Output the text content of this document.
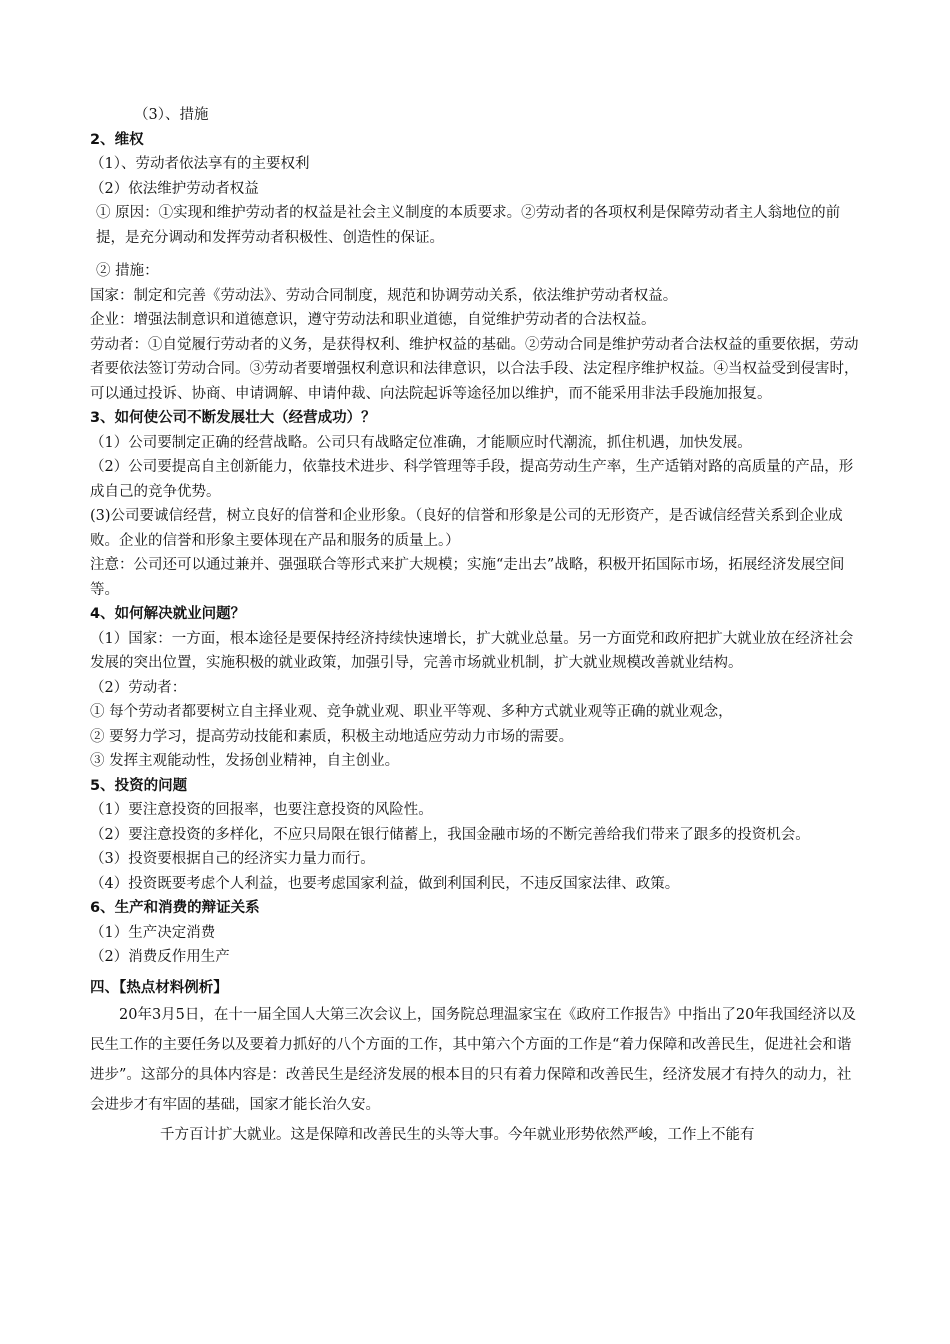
（3）、措施

2、维权

（1）、劳动者依法享有的主要权利

（2）依法维护劳动者权益

① 原因：①实现和维护劳动者的权益是社会主义制度的本质要求。②劳动者的各项权利是保障劳动者主人翁地位的前提，是充分调动和发挥劳动者积极性、创造性的保证。

② 措施：

国家：制定和完善《劳动法》、劳动合同制度，规范和协调劳动关系，依法维护劳动者权益。

企业：增强法制意识和道德意识，遵守劳动法和职业道德，自觉维护劳动者的合法权益。

劳动者：①自觉履行劳动者的义务，是获得权利、维护权益的基础。②劳动合同是维护劳动者合法权益的重要依据，劳动者要依法签订劳动合同。③劳动者要增强权利意识和法律意识，以合法手段、法定程序维护权益。④当权益受到侵害时，可以通过投诉、协商、申请调解、申请仲裁、向法院起诉等途径加以维护，而不能采用非法手段施加报复。

3、如何使公司不断发展壮大（经营成功）？

（1）公司要制定正确的经营战略。公司只有战略定位准确，才能顺应时代潮流，抓住机遇，加快发展。

（2）公司要提高自主创新能力，依靠技术进步、科学管理等手段，提高劳动生产率，生产适销对路的高质量的产品，形成自己的竞争优势。

(3)公司要诚信经营，树立良好的信誉和企业形象。（良好的信誉和形象是公司的无形资产，是否诚信经营关系到企业成败。企业的信誉和形象主要体现在产品和服务的质量上。）

注意：公司还可以通过兼并、强强联合等形式来扩大规模；实施“走出去”战略，积极开拓国际市场，拓展经济发展空间等。

4、如何解决就业问题？

（1）国家：一方面，根本途径是要保持经济持续快速增长，扩大就业总量。另一方面党和政府把扩大就业放在经济社会发展的突出位置，实施积极的就业政策，加强引导，完善市场就业机制，扩大就业规模改善就业结构。

（2）劳动者：

① 每个劳动者都要树立自主择业观、竞争就业观、职业平等观、多种方式就业观等正确的就业观念，

② 要努力学习，提高劳动技能和素质，积极主动地适应劳动力市场的需要。

③ 发挥主观能动性，发扬创业精神，自主创业。

5、投资的问题

（1）要注意投资的回报率，也要注意投资的风险性。

（2）要注意投资的多样化，不应只局限在银行储蓄上，我国金融市场的不断完善给我们带来了跟多的投资机会。

（3）投资要根据自己的经济实力量力而行。

（4）投资既要考虑个人利益，也要考虑国家利益，做到利国利民，不违反国家法律、政策。

6、生产和消费的辩证关系

（1）生产决定消费

（2）消费反作用生产

四、【热点材料例析】

20年3月5日，在十一届全国人大第三次会议上，国务院总理温家宝在《政府工作报告》中指出了20年我国经济以及民生工作的主要任务以及要着力抓好的八个方面的工作，其中第六个方面的工作是“着力保障和改善民生，促进社会和谐进步”。这部分的具体内容是：改善民生是经济发展的根本目的只有着力保障和改善民生，经济发展才有持久的动力，社会进步才有牢固的基础，国家才能长治久安。

千方百计扩大就业。这是保障和改善民生的头等大事。今年就业形势依然严峻，工作上不能有
